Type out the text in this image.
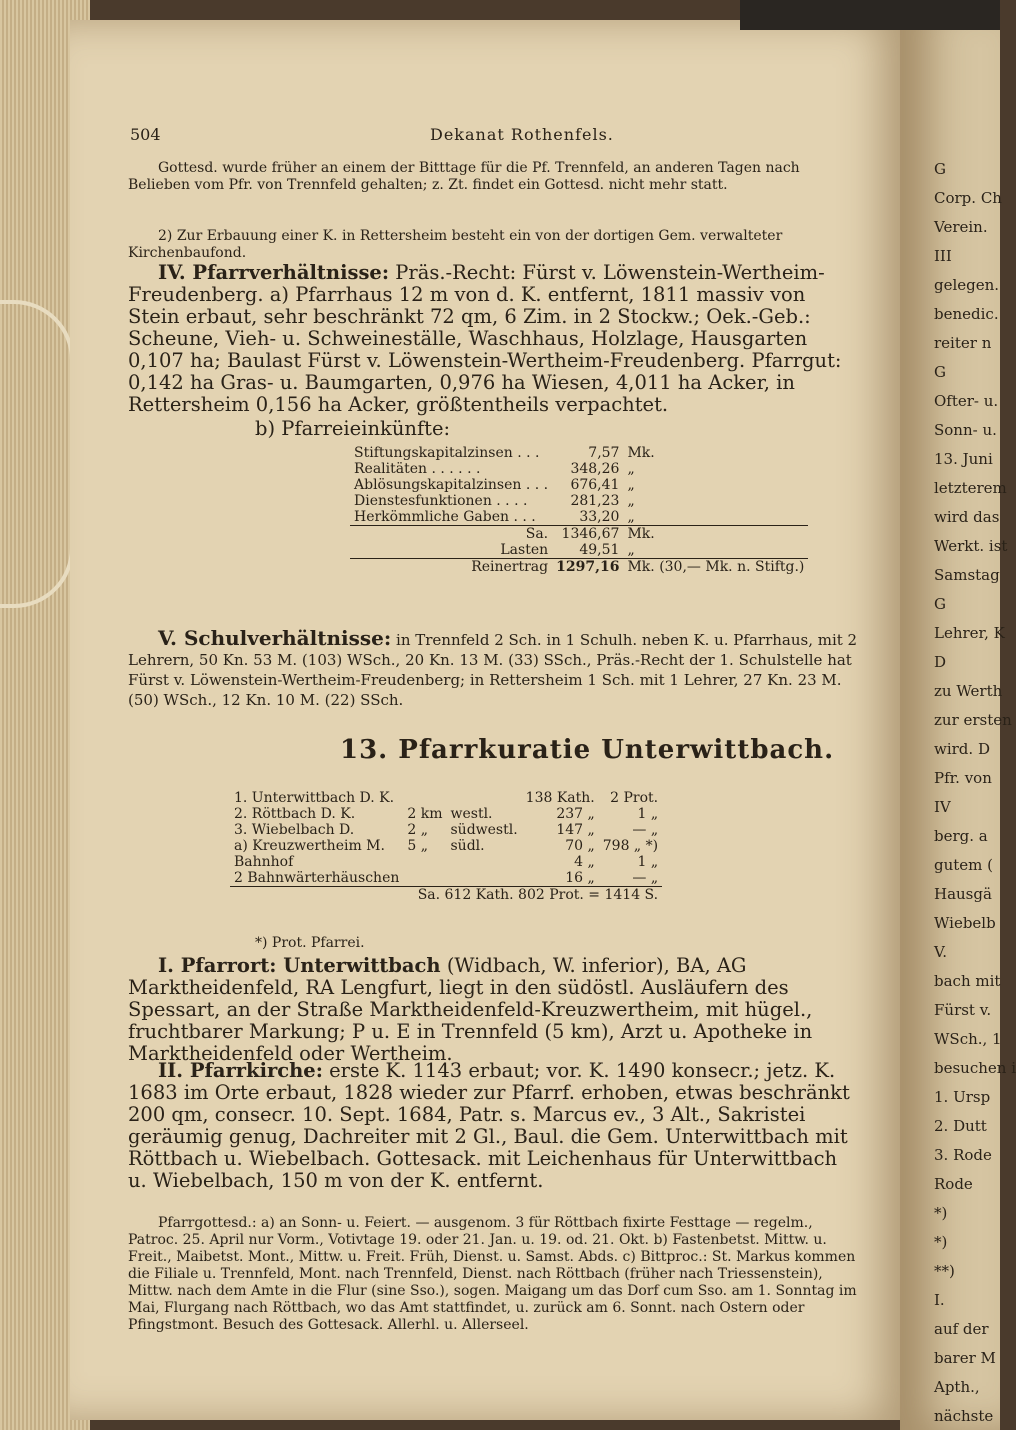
G
Corp. Ch
Verein.
III
gelegen.
benedic.
reiter n
G
Ofter- u.
Sonn- u.
13. Juni
letzterem
wird das
Werkt. ist
Samstag
G
Lehrer, K
D
zu Werth
zur ersten
wird. D
Pfr. von
IV
berg. a
gutem (
Hausgä
Wiebelb
V.
bach mit
Fürst v.
WSch., 1
besuchen i
1. Ursp
2. Dutt
3. Rode
Rode
*)
*)
**)
I.
auf der
barer M
Apth.,
nächste
504	Dekanat Rothenfels.
Gottesd. wurde früher an einem der Bitttage für die Pf. Trennfeld, an anderen Tagen nach Belieben vom Pfr. von Trennfeld gehalten; z. Zt. findet ein Gottesd. nicht mehr statt.
2) Zur Erbauung einer K. in Rettersheim besteht ein von der dortigen Gem. verwalteter Kirchenbaufond.
IV. Pfarrverhältnisse: Präs.-Recht: Fürst v. Löwenstein-Wertheim-Freudenberg. a) Pfarrhaus 12 m von d. K. entfernt, 1811 massiv von Stein erbaut, sehr beschränkt 72 qm, 6 Zim. in 2 Stockw.; Oek.-Geb.: Scheune, Vieh- u. Schweineställe, Waschhaus, Holzlage, Hausgarten 0,107 ha; Baulast Fürst v. Löwenstein-Wertheim-Freudenberg. Pfarrgut: 0,142 ha Gras- u. Baumgarten, 0,976 ha Wiesen, 4,011 ha Acker, in Rettersheim 0,156 ha Acker, größtentheils verpachtet.
b) Pfarreieinkünfte:
Stiftungskapitalzinsen . . .	7,57	Mk.
Realitäten . . . . . .	348,26	„
Ablösungskapitalzinsen . . .	676,41	„
Dienstesfunktionen . . . .	281,23	„
Herkömmliche Gaben . . .	33,20	„
Sa.	1346,67	Mk.
Lasten	49,51	„
Reinertrag	1297,16	Mk. (30,— Mk. n. Stiftg.)
V. Schulverhältnisse: in Trennfeld 2 Sch. in 1 Schulh. neben K. u. Pfarrhaus, mit 2 Lehrern, 50 Kn. 53 M. (103) WSch., 20 Kn. 13 M. (33) SSch., Präs.-Recht der 1. Schulstelle hat Fürst v. Löwenstein-Wertheim-Freudenberg; in Rettersheim 1 Sch. mit 1 Lehrer, 27 Kn. 23 M. (50) WSch., 12 Kn. 10 M. (22) SSch.
13. Pfarrkuratie Unterwittbach.
1. Unterwittbach D. K.			138 Kath.	2 Prot.
2. Röttbach D. K.	2 km	westl.	237 „	1 „
3. Wiebelbach D.	2 „	südwestl.	147 „	— „
a) Kreuzwertheim M.	5 „	südl.	70 „	798 „ *)
Bahnhof			4 „	1 „
2 Bahnwärterhäuschen			16 „	— „
Sa. 612 Kath. 802 Prot. = 1414 S.				
*) Prot. Pfarrei.
I. Pfarrort: Unterwittbach (Widbach, W. inferior), BA, AG Marktheidenfeld, RA Lengfurt, liegt in den südöstl. Ausläufern des Spessart, an der Straße Marktheidenfeld-Kreuzwertheim, mit hügel., fruchtbarer Markung; P u. E in Trennfeld (5 km), Arzt u. Apotheke in Marktheidenfeld oder Wertheim.
II. Pfarrkirche: erste K. 1143 erbaut; vor. K. 1490 konsecr.; jetz. K. 1683 im Orte erbaut, 1828 wieder zur Pfarrf. erhoben, etwas beschränkt 200 qm, consecr. 10. Sept. 1684, Patr. s. Marcus ev., 3 Alt., Sakristei geräumig genug, Dachreiter mit 2 Gl., Baul. die Gem. Unterwittbach mit Röttbach u. Wiebelbach. Gottesack. mit Leichenhaus für Unterwittbach u. Wiebelbach, 150 m von der K. entfernt.
Pfarrgottesd.: a) an Sonn- u. Feiert. — ausgenom. 3 für Röttbach fixirte Festtage — regelm., Patroc. 25. April nur Vorm., Votivtage 19. oder 21. Jan. u. 19. od. 21. Okt. b) Fastenbetst. Mittw. u. Freit., Maibetst. Mont., Mittw. u. Freit. Früh, Dienst. u. Samst. Abds. c) Bittproc.: St. Markus kommen die Filiale u. Trennfeld, Mont. nach Trennfeld, Dienst. nach Röttbach (früher nach Triessenstein), Mittw. nach dem Amte in die Flur (sine Sso.), sogen. Maigang um das Dorf cum Sso. am 1. Sonntag im Mai, Flurgang nach Röttbach, wo das Amt stattfindet, u. zurück am 6. Sonnt. nach Ostern oder Pfingstmont. Besuch des Gottesack. Allerhl. u. Allerseel.
